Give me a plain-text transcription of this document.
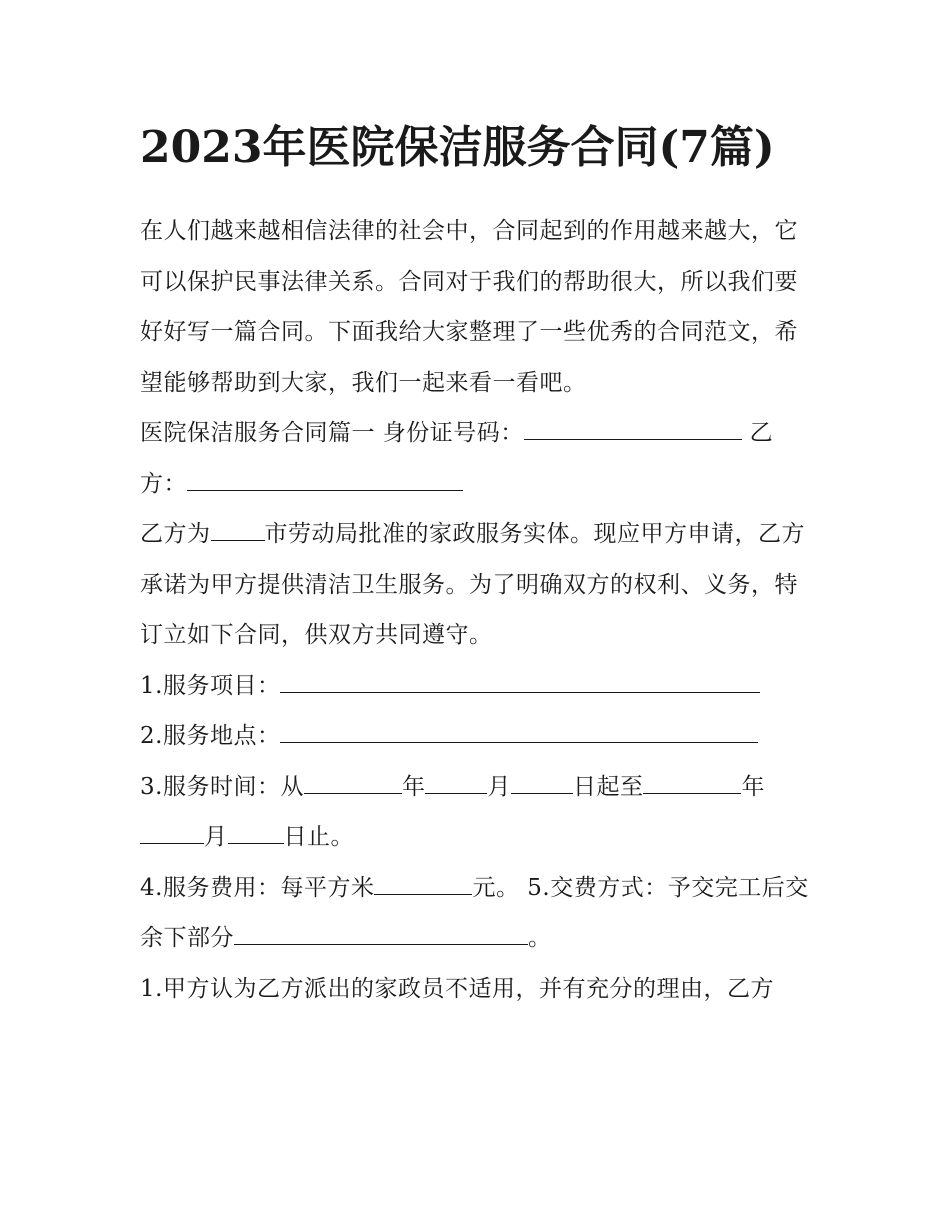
2023年医院保洁服务合同(7篇)

在人们越来越相信法律的社会中，合同起到的作用越来越大，它可以保护民事法律关系。合同对于我们的帮助很大，所以我们要好好写一篇合同。下面我给大家整理了一些优秀的合同范文，希望能够帮助到大家，我们一起来看一看吧。

医院保洁服务合同篇一 身份证号码：	乙方：

乙方为 市劳动局批准的家政服务实体。现应甲方申请，乙方承诺为甲方提供清洁卫生服务。为了明确双方的权利、义务，特订立如下合同，供双方共同遵守。

1.服务项目：

2.服务地点：

3.服务时间：从	年	月	日起至	年月 日止。

4.服务费用：每平方米	元。 5.交费方式：予交完工后交余下部分	。

1.甲方认为乙方派出的家政员不适用，并有充分的理由，乙方
